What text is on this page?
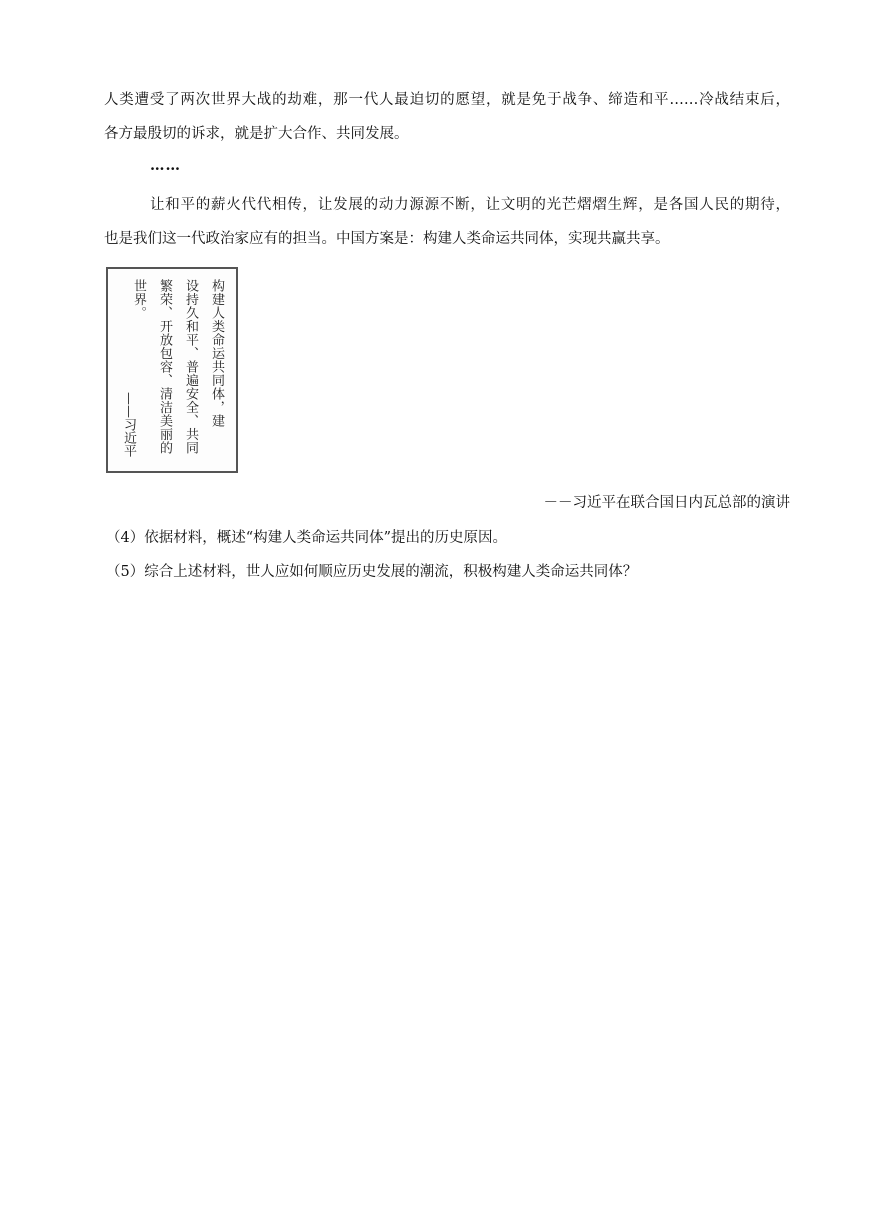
人类遭受了两次世界大战的劫难，那一代人最迫切的愿望，就是免于战争、缔造和平……冷战结束后，
各方最殷切的诉求，就是扩大合作、共同发展。
……
让和平的薪火代代相传，让发展的动力源源不断，让文明的光芒熠熠生辉，是各国人民的期待，
也是我们这一代政治家应有的担当。中国方案是：构建人类命运共同体，实现共赢共享。
构建人类命运共同体，建
设持久和平、普遍安全、共同
繁荣、开放包容、清洁美丽的
世界。
——习近平
－－习近平在联合国日内瓦总部的演讲
（4）依据材料，概述“构建人类命运共同体”提出的历史原因。
（5）综合上述材料，世人应如何顺应历史发展的潮流，积极构建人类命运共同体？
